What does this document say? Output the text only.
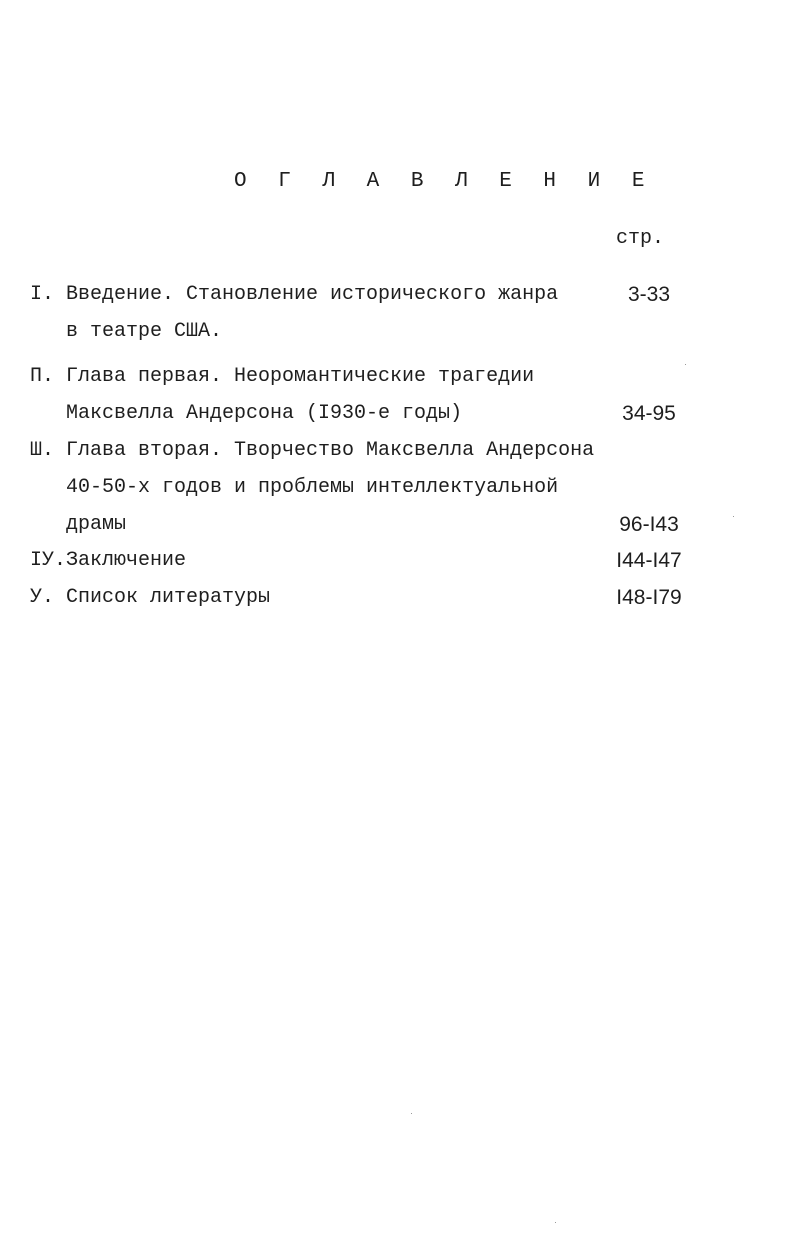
О Г Л А В Л Е Н И Е
стр.
I. Введение. Становление исторического жанра
в театре США.
3-33
П. Глава первая. Неоромантические трагедии
Максвелла Андерсона (I930-е годы)	34-95
Ш. Глава вторая. Творчество Максвелла Андерсона
40-50-х годов и проблемы интеллектуальной
драмы	96-I43
IУ. Заключение	I44-I47
У. Список литературы	I48-I79
